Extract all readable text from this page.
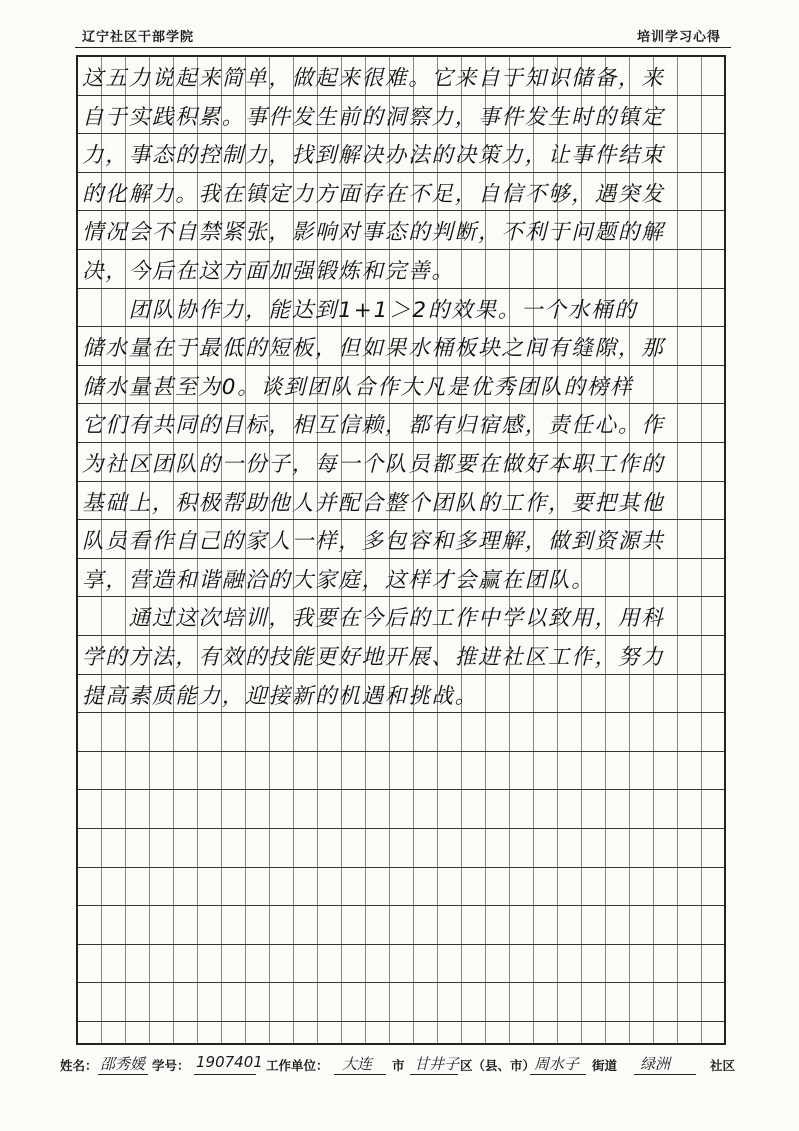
辽宁社区干部学院	培训学习心得
这五力说起来简单，做起来很难。它来自于知识储备，来
自于实践积累。事件发生前的洞察力，事件发生时的镇定
力，事态的控制力，找到解决办法的决策力，让事件结束
的化解力。我在镇定力方面存在不足，自信不够，遇突发
情况会不自禁紧张，影响对事态的判断，不利于问题的解
决，今后在这方面加强锻炼和完善。
　　团队协作力，能达到1+1＞2的效果。一个水桶的
储水量在于最低的短板，但如果水桶板块之间有缝隙，那
储水量甚至为0。谈到团队合作大凡是优秀团队的榜样
它们有共同的目标，相互信赖，都有归宿感，责任心。作
为社区团队的一份子，每一个队员都要在做好本职工作的
基础上，积极帮助他人并配合整个团队的工作，要把其他
队员看作自己的家人一样，多包容和多理解，做到资源共
享，营造和谐融洽的大家庭，这样才会赢在团队。
　　通过这次培训，我要在今后的工作中学以致用，用科
学的方法，有效的技能更好地开展、推进社区工作，努力
提高素质能力，迎接新的机遇和挑战。
姓名： 邵秀媛 学号： 1907401 工作单位： 大连 市 甘井子 区（县、市）
周水子 街道 绿洲	社区
